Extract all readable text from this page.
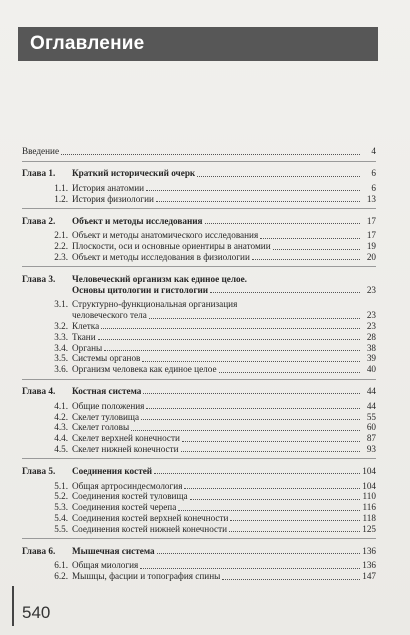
Оглавление
Введение	4
Глава 1.	Краткий исторический очерк	6
1.1. История анатомии	6
1.2. История физиологии	13
Глава 2.	Объект и методы исследования	17
2.1. Объект и методы анатомического исследования	17
2.2. Плоскости, оси и основные ориентиры в анатомии	19
2.3. Объект и методы исследования в физиологии	20
Глава 3.	Человеческий организм как единое целое.
Основы цитологии и гистологии	23
3.1. Структурно-функциональная организация
человеческого тела	23
3.2. Клетка	23
3.3. Ткани	28
3.4. Органы	38
3.5. Системы органов	39
3.6. Организм человека как единое целое	40
Глава 4.	Костная система	44
4.1. Общие положения	44
4.2. Скелет туловища	55
4.3. Скелет головы	60
4.4. Скелет верхней конечности	87
4.5. Скелет нижней конечности	93
Глава 5.	Соединения костей	104
5.1. Общая артросиндесмология	104
5.2. Соединения костей туловища	110
5.3. Соединения костей черепа	116
5.4. Соединения костей верхней конечности	118
5.5. Соединения костей нижней конечности	125
Глава 6.	Мышечная система	136
6.1. Общая миология	136
6.2. Мышцы, фасции и топография спины	147
540
